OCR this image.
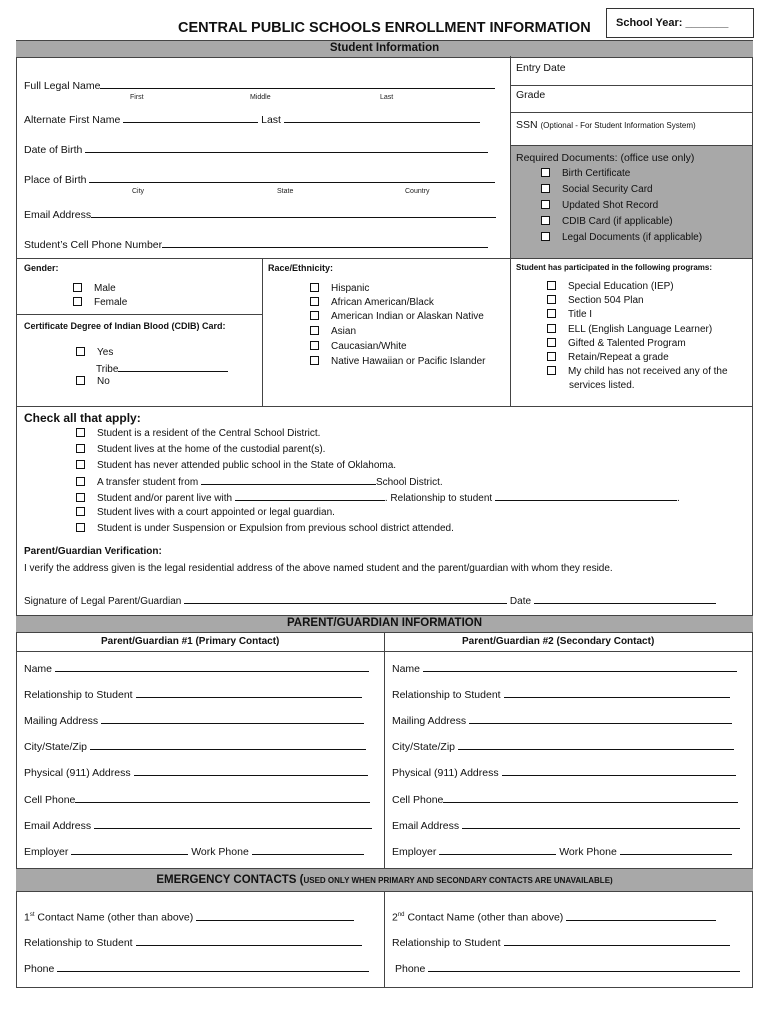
CENTRAL PUBLIC SCHOOLS ENROLLMENT INFORMATION School Year: _______
Student Information
Full Legal Name
First	Middle	Last
Alternate First Name	Last
Date of Birth
Place of Birth
City	State	Country
Email Address
Student’s Cell Phone Number
Entry Date
Grade
SSN (Optional - For Student Information System)
Required Documents: (office use only)
Birth Certificate
Social Security Card
Updated Shot Record
CDIB Card (if applicable)
Legal Documents (if applicable)
Gender:
Male
Female
Certificate Degree of Indian Blood (CDIB) Card:
Yes
Tribe
No
Race/Ethnicity:
Hispanic
African American/Black
American Indian or Alaskan Native
Asian
Caucasian/White
Native Hawaiian or Pacific Islander
Student has participated in the following programs:
Special Education (IEP)
Section 504 Plan
Title I
ELL (English Language Learner)
Gifted & Talented Program
Retain/Repeat a grade
My child has not received any of the
services listed.
Check all that apply:
Student is a resident of the Central School District.
Student lives at the home of the custodial parent(s).
Student has never attended public school in the State of Oklahoma.
A transfer student from	School District.
Student and/or parent live with	. Relationship to student	.
Student lives with a court appointed or legal guardian.
Student is under Suspension or Expulsion from previous school district attended.
Parent/Guardian Verification:
I verify the address given is the legal residential address of the above named student and the parent/guardian with whom they reside.
Signature of Legal Parent/Guardian	Date
PARENT/GUARDIAN INFORMATION
Parent/Guardian #1 (Primary Contact)	Parent/Guardian #2 (Secondary Contact)
Name
Relationship to Student
Mailing Address
City/State/Zip
Physical (911) Address
Cell Phone
Email Address
Employer	Work Phone
Name
Relationship to Student
Mailing Address
City/State/Zip
Physical (911) Address
Cell Phone
Email Address
Employer	Work Phone
EMERGENCY CONTACTS (USED ONLY WHEN PRIMARY AND SECONDARY CONTACTS ARE UNAVAILABLE)
1st Contact Name (other than above)
Relationship to Student
Phone
2nd Contact Name (other than above)
Relationship to Student
Phone
